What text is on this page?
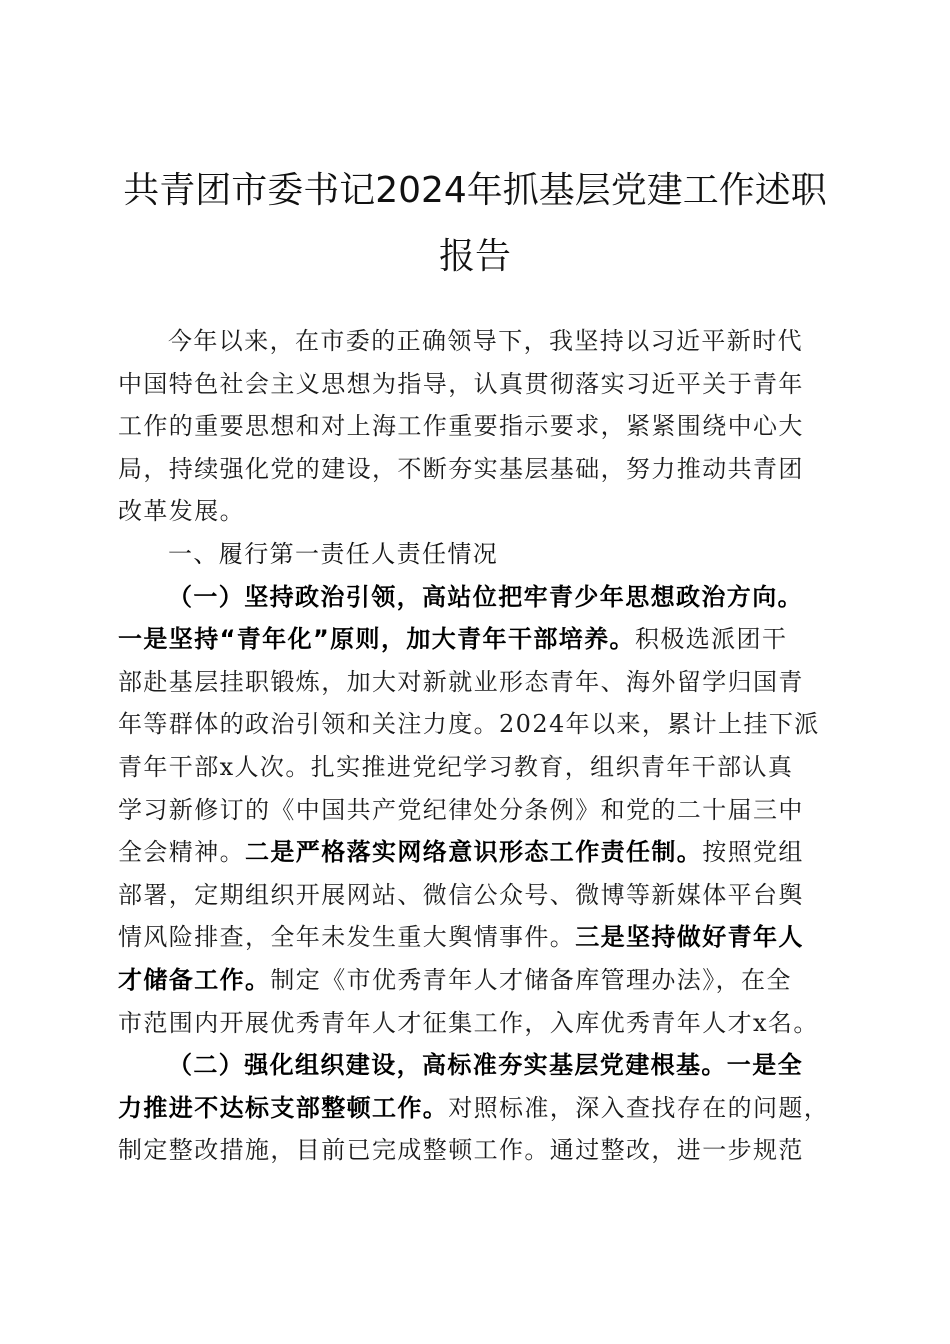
共青团市委书记2024年抓基层党建工作述职
报告
今年以来，在市委的正确领导下，我坚持以习近平新时代
中国特色社会主义思想为指导，认真贯彻落实习近平关于青年
工作的重要思想和对上海工作重要指示要求，紧紧围绕中心大
局，持续强化党的建设，不断夯实基层基础，努力推动共青团
改革发展。
一、履行第一责任人责任情况
（一）坚持政治引领，高站位把牢青少年思想政治方向。
一是坚持“青年化”原则，加大青年干部培养。积极选派团干
部赴基层挂职锻炼，加大对新就业形态青年、海外留学归国青
年等群体的政治引领和关注力度。2024年以来，累计上挂下派
青年干部x人次。扎实推进党纪学习教育，组织青年干部认真
学习新修订的《中国共产党纪律处分条例》和党的二十届三中
全会精神。二是严格落实网络意识形态工作责任制。按照党组
部署，定期组织开展网站、微信公众号、微博等新媒体平台舆
情风险排查，全年未发生重大舆情事件。三是坚持做好青年人
才储备工作。制定《市优秀青年人才储备库管理办法》，在全
市范围内开展优秀青年人才征集工作，入库优秀青年人才x名。
（二）强化组织建设，高标准夯实基层党建根基。一是全
力推进不达标支部整顿工作。对照标准，深入查找存在的问题，
制定整改措施，目前已完成整顿工作。通过整改，进一步规范
